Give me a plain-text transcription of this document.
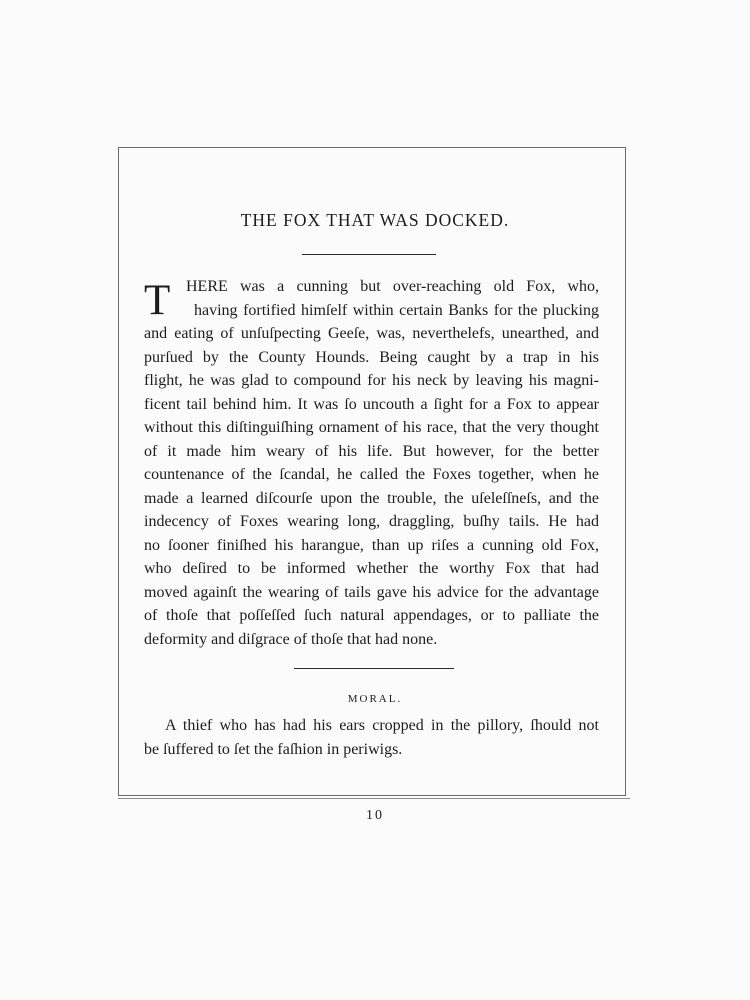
THE FOX THAT WAS DOCKED.
T HERE was a cunning but over-reaching old Fox, who,
having fortified himſelf within certain Banks for the plucking
and eating of unſuſpecting Geeſe, was, neverthelefs, unearthed, and
purſued by the County Hounds. Being caught by a trap in his
flight, he was glad to compound for his neck by leaving his magni-
ficent tail behind him. It was ſo uncouth a ſight for a Fox to appear
without this diſtinguiſhing ornament of his race, that the very thought
of it made him weary of his life. But however, for the better
countenance of the ſcandal, he called the Foxes together, when he
made a learned diſcourſe upon the trouble, the uſeleſſneſs, and the
indecency of Foxes wearing long, draggling, buſhy tails. He had
no ſooner finiſhed his harangue, than up riſes a cunning old Fox,
who deſired to be informed whether the worthy Fox that had
moved againſt the wearing of tails gave his advice for the advantage
of thoſe that poſſeſſed ſuch natural appendages, or to palliate the
deformity and diſgrace of thoſe that had none.
MORAL.
A thief who has had his ears cropped in the pillory, ſhould not
be ſuffered to ſet the faſhion in periwigs.
10
